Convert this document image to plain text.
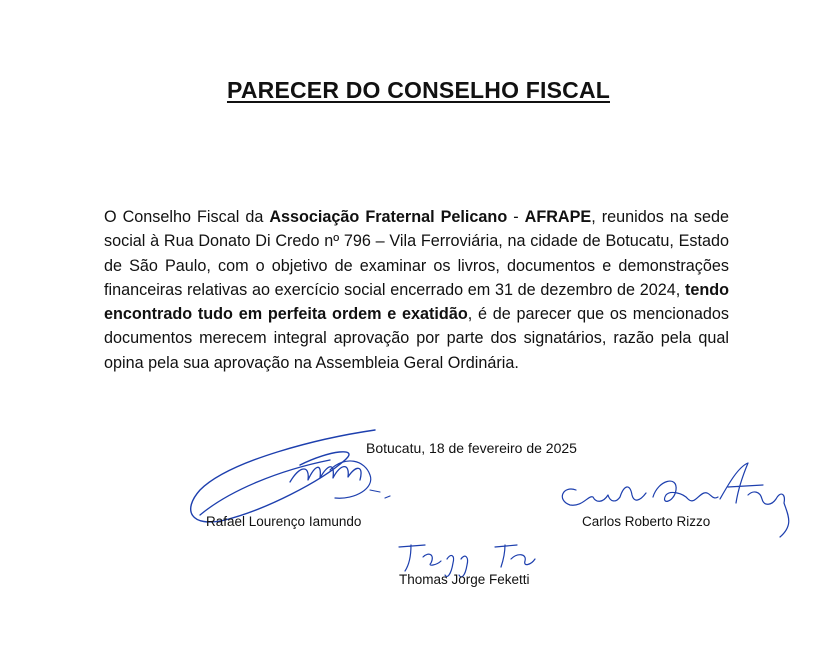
PARECER DO CONSELHO FISCAL

O Conselho Fiscal da Associação Fraternal Pelicano - AFRAPE, reunidos na sede social à Rua Donato Di Credo nº 796 – Vila Ferroviária, na cidade de Botucatu, Estado de São Paulo, com o objetivo de examinar os livros, documentos e demonstrações financeiras relativas ao exercício social encerrado em 31 de dezembro de 2024, tendo encontrado tudo em perfeita ordem e exatidão, é de parecer que os mencionados documentos merecem integral aprovação por parte dos signatários, razão pela qual opina pela sua aprovação na Assembleia Geral Ordinária.

Botucatu, 18 de fevereiro de 2025
Rafael Lourenço Iamundo	Carlos Roberto Rizzo
Thomas Jorge Feketti
